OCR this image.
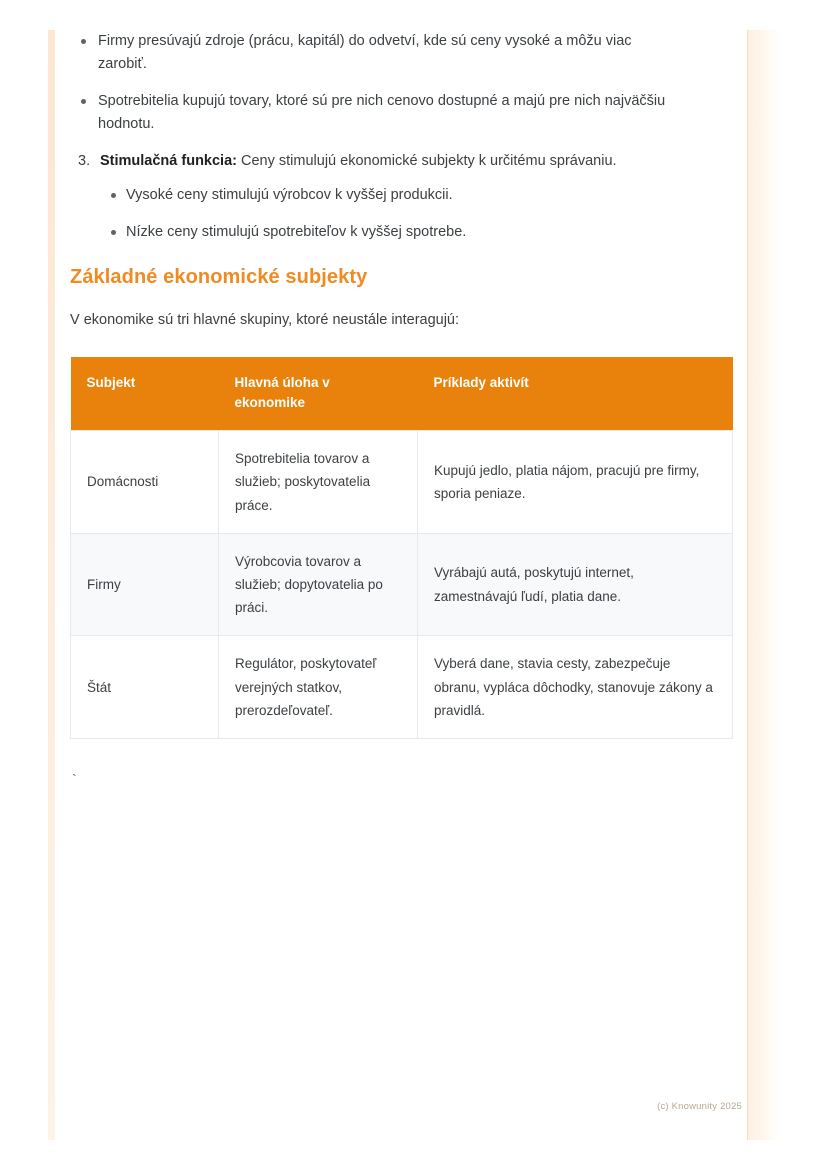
Firmy presúvajú zdroje (prácu, kapitál) do odvetví, kde sú ceny vysoké a môžu viac zarobiť.
Spotrebitelia kupujú tovary, ktoré sú pre nich cenovo dostupné a majú pre nich najväčšiu hodnotu.
Stimulačná funkcia: Ceny stimulujú ekonomické subjekty k určitému správaniu.
Vysoké ceny stimulujú výrobcov k vyššej produkcii.
Nízke ceny stimulujú spotrebiteľov k vyššej spotrebe.
Základné ekonomické subjekty

V ekonomike sú tri hlavné skupiny, ktoré neustále interagujú:

Subjekt	Hlavná úloha v ekonomike	Príklady aktivít
Domácnosti	Spotrebitelia tovarov a služieb; poskytovatelia práce.	Kupujú jedlo, platia nájom, pracujú pre firmy, sporia peniaze.
Firmy	Výrobcovia tovarov a služieb; dopytovatelia po práci.	Vyrábajú autá, poskytujú internet, zamestnávajú ľudí, platia dane.
Štát	Regulátor, poskytovateľ verejných statkov, prerozdeľovateľ.	Vyberá dane, stavia cesty, zabezpečuje obranu, vypláca dôchodky, stanovuje zákony a pravidlá.
`
(c) Knowunity 2025
